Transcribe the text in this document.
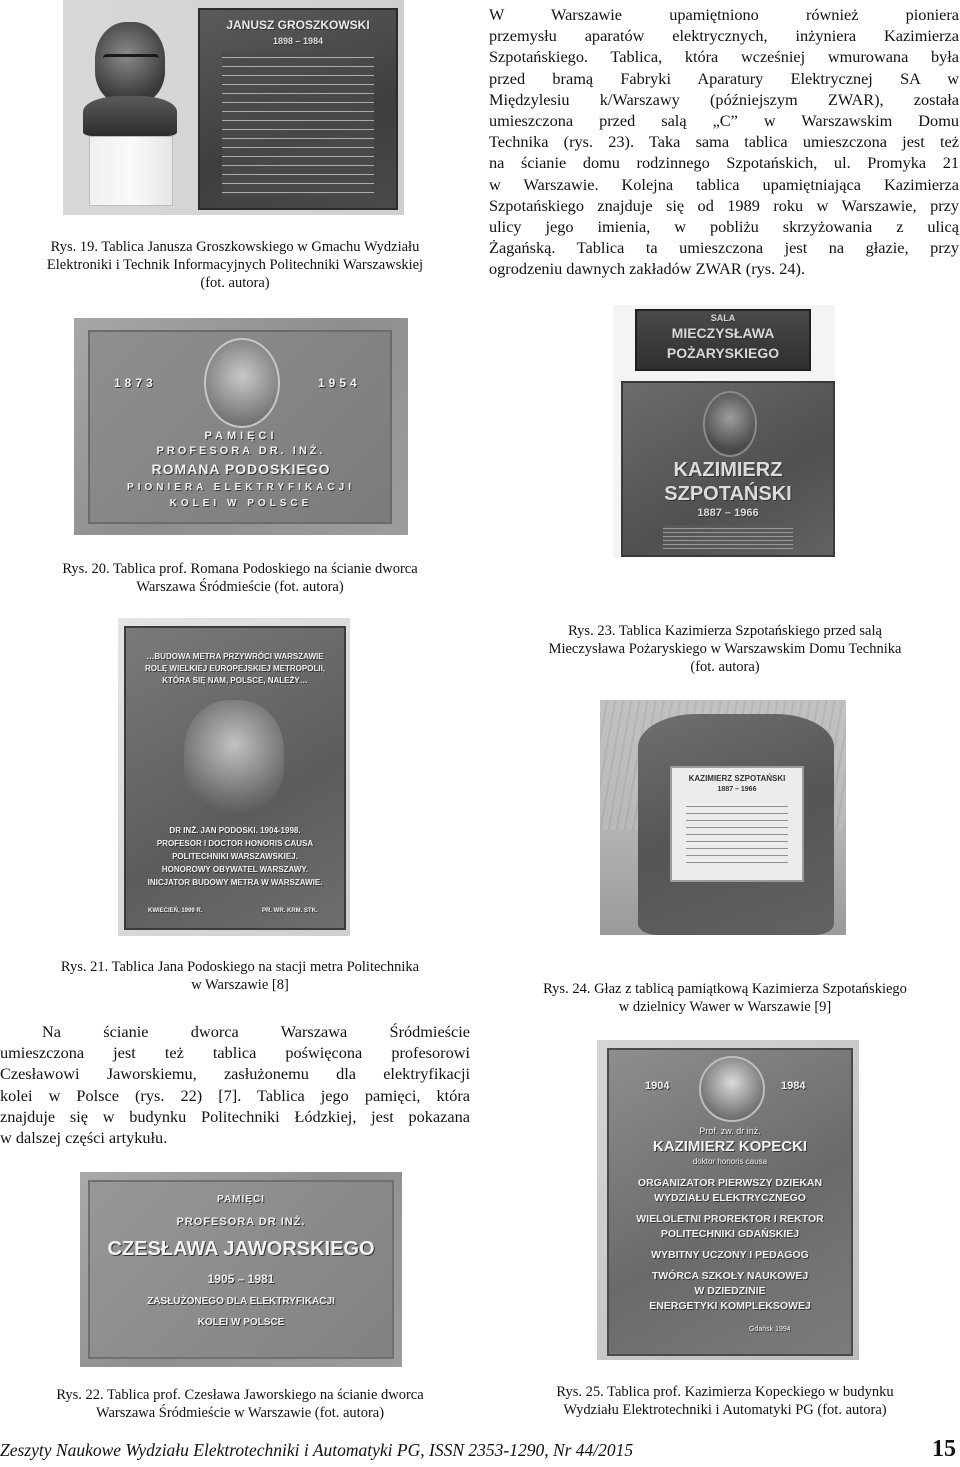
JANUSZ GROSZKOWSKI
1898 – 1984
Rys. 19. Tablica Janusza Groszkowskiego w Gmachu Wydziału
Elektroniki i Technik Informacyjnych Politechniki Warszawskiej
(fot. autora)
W Warszawie upamiętniono również pioniera
przemysłu aparatów elektrycznych, inżyniera Kazimierza
Szpotańskiego. Tablica, która wcześniej wmurowana była
przed bramą Fabryki Aparatury Elektrycznej SA w
Międzylesiu k/Warszawy (późniejszym ZWAR), została
umieszczona przed salą „C” w Warszawskim Domu
Technika (rys. 23). Taka sama tablica umieszczona jest też
na ścianie domu rodzinnego Szpotańskich, ul. Promyka 21
w Warszawie. Kolejna tablica upamiętniająca Kazimierza
Szpotańskiego znajduje się od 1989 roku w Warszawie, przy
ulicy jego imienia, w pobliżu skrzyżowania z ulicą
Żagańską. Tablica ta umieszczona jest na głazie, przy
ogrodzeniu dawnych zakładów ZWAR (rys. 24).
1873	1954
PAMIĘCI
PROFESORA DR. INŻ.
ROMANA PODOSKIEGO
PIONIERA ELEKTRYFIKACJI
KOLEI W POLSCE
Rys. 20. Tablica prof. Romana Podoskiego na ścianie dworca
Warszawa Śródmieście (fot. autora)
SALA
MIECZYSŁAWA
POŻARYSKIEGO
KAZIMIERZ
SZPOTAŃSKI
1887 – 1966
Rys. 23. Tablica Kazimierza Szpotańskiego przed salą
Mieczysława Pożaryskiego w Warszawskim Domu Technika
(fot. autora)
…BUDOWA METRA PRZYWRÓCI WARSZAWIE
ROLĘ WIELKIEJ EUROPEJSKIEJ METROPOLII,
KTÓRA SIĘ NAM, POLSCE, NALEŻY…
DR INŻ. JAN PODOSKI. 1904-1998.
PROFESOR I DOCTOR HONORIS CAUSA
POLITECHNIKI WARSZAWSKIEJ.
HONOROWY OBYWATEL WARSZAWY.
INICJATOR BUDOWY METRA W WARSZAWIE.
KWIECIEŃ, 1999 R.	PR. WR. KRM. STK.
Rys. 21. Tablica Jana Podoskiego na stacji metra Politechnika
w Warszawie [8]
KAZIMIERZ SZPOTAŃSKI
1887 – 1966
Rys. 24. Głaz z tablicą pamiątkową Kazimierza Szpotańskiego
w dzielnicy Wawer w Warszawie [9]
Na ścianie dworca Warszawa Śródmieście
umieszczona jest też tablica poświęcona profesorowi
Czesławowi Jaworskiemu, zasłużonemu dla elektryfikacji
kolei w Polsce (rys. 22) [7]. Tablica jego pamięci, która
znajduje się w budynku Politechniki Łódzkiej, jest pokazana
w dalszej części artykułu.
1904	1984
Prof. zw. dr inż.
KAZIMIERZ KOPECKI
doktor honoris causa
ORGANIZATOR PIERWSZY DZIEKAN
WYDZIAŁU ELEKTRYCZNEGO
WIELOLETNI PROREKTOR I REKTOR
POLITECHNIKI GDAŃSKIEJ
WYBITNY UCZONY I PEDAGOG
TWÓRCA SZKOŁY NAUKOWEJ
W DZIEDZINIE
ENERGETYKI KOMPLEKSOWEJ
Gdańsk 1994
Rys. 25. Tablica prof. Kazimierza Kopeckiego w budynku
Wydziału Elektrotechniki i Automatyki PG (fot. autora)
PAMIĘCI
PROFESORA DR INŻ.
CZESŁAWA JAWORSKIEGO
1905 – 1981
ZASŁUŻONEGO DLA ELEKTRYFIKACJI
KOLEI W POLSCE
Rys. 22. Tablica prof. Czesława Jaworskiego na ścianie dworca
Warszawa Śródmieście w Warszawie (fot. autora)
Zeszyty Naukowe Wydziału Elektrotechniki i Automatyki PG, ISSN 2353-1290, Nr 44/2015	15
